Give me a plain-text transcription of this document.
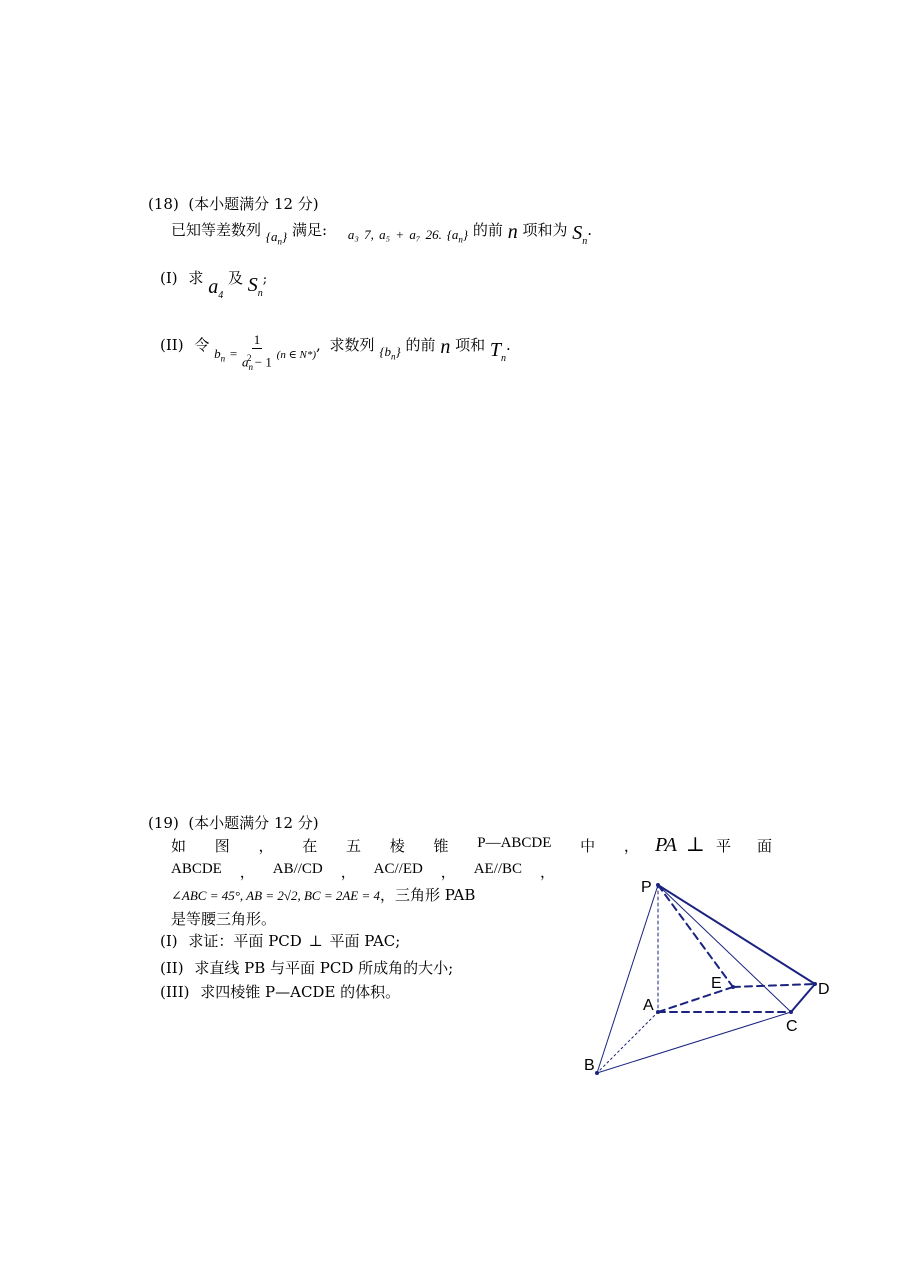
(18)  (本小题满分 12 分)
已知等差数列 $\{a_n\}$ 满足: a₃ 7, a₅ + a₇ 26. $\{a_n\}$ 的前 n 项和为 $S_n$.
(I) 求 $a_4$ 及 $S_n$;
(II) 令 $b_n = \frac{1}{a_n^2 - 1} _{(n \in N*)}$, 求数列 $\{b_n\}$ 的前 n 项和 $T_n$.
(19)  (本小题满分 12 分)
如 图 ， 在 五 棱 锥 P—ABCDE 中 ， PA ⊥ 平 面
ABCDE ， AB//CD ， AC//ED ， AE//BC ，
∠ABC = 45°, AB = 2√2, BC = 2AE = 4，三角形 PAB
是等腰三角形。
(I) 求证：平面 PCD ⊥ 平面 PAC;
(II) 求直线 PB 与平面 PCD 所成角的大小;
(III) 求四棱锥 P—ACDE 的体积。
P
E
A
D
C
B
